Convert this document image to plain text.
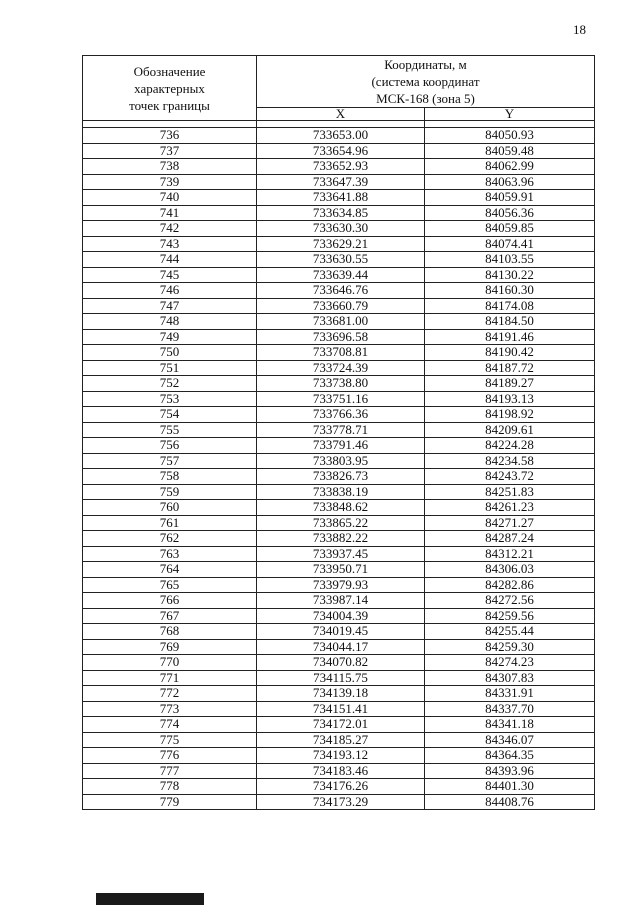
18
Обозначение
характерных
точек границы	Координаты, м
(система координат
МСК-168 (зона 5)	

	X	Y

736	733653.00	84050.93
737	733654.96	84059.48
738	733652.93	84062.99
739	733647.39	84063.96
740	733641.88	84059.91
741	733634.85	84056.36
742	733630.30	84059.85
743	733629.21	84074.41
744	733630.55	84103.55
745	733639.44	84130.22
746	733646.76	84160.30
747	733660.79	84174.08
748	733681.00	84184.50
749	733696.58	84191.46
750	733708.81	84190.42
751	733724.39	84187.72
752	733738.80	84189.27
753	733751.16	84193.13
754	733766.36	84198.92
755	733778.71	84209.61
756	733791.46	84224.28
757	733803.95	84234.58
758	733826.73	84243.72
759	733838.19	84251.83
760	733848.62	84261.23
761	733865.22	84271.27
762	733882.22	84287.24
763	733937.45	84312.21
764	733950.71	84306.03
765	733979.93	84282.86
766	733987.14	84272.56
767	734004.39	84259.56
768	734019.45	84255.44
769	734044.17	84259.30
770	734070.82	84274.23
771	734115.75	84307.83
772	734139.18	84331.91
773	734151.41	84337.70
774	734172.01	84341.18
775	734185.27	84346.07
776	734193.12	84364.35
777	734183.46	84393.96
778	734176.26	84401.30
779	734173.29	84408.76
